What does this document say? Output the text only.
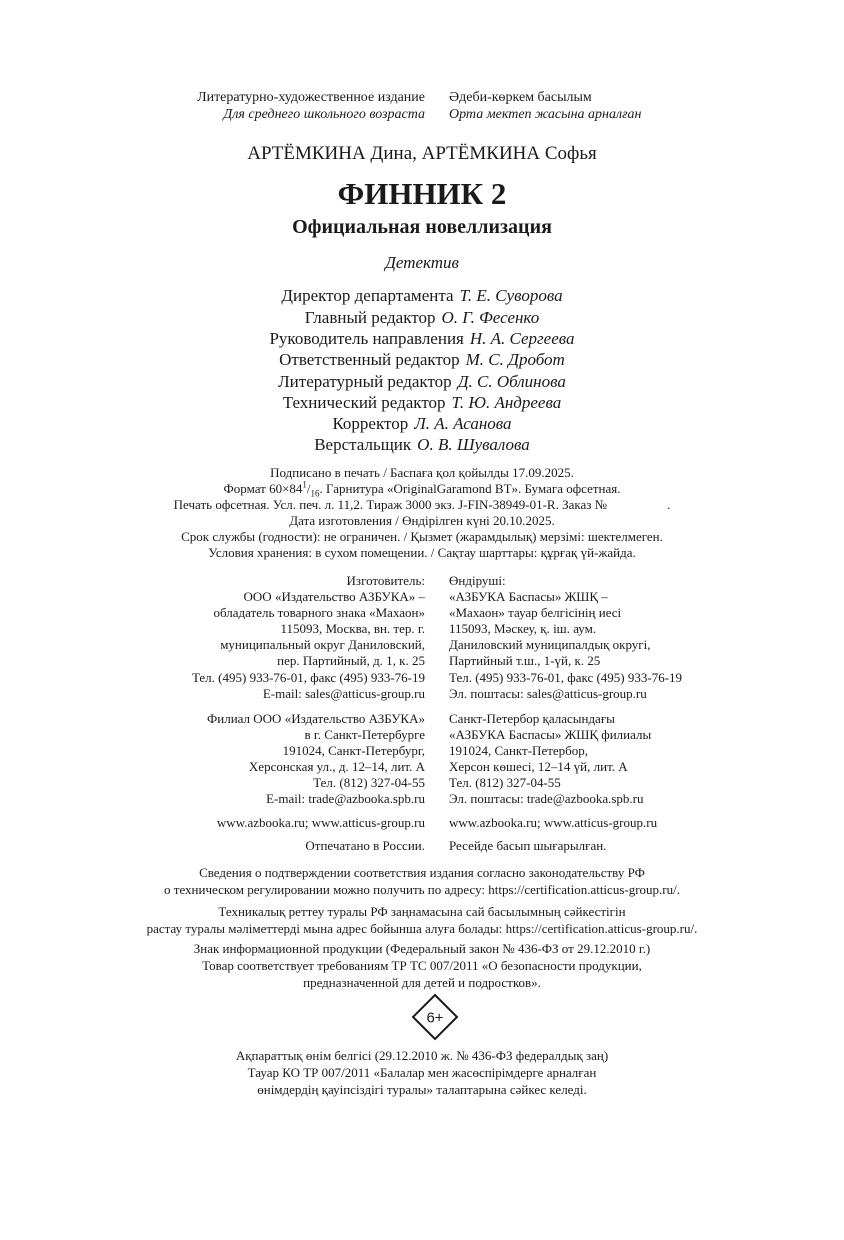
Литературно-художественное издание Әдеби-көркем басылым
Для среднего школьного возраста Орта мектеп жасына арналған
АРТЁМКИНА Дина, АРТЁМКИНА Софья
ФИННИК 2
Официальная новеллизация
Детектив
Директор департамента Т. Е. Суворова
Главный редактор О. Г. Фесенко
Руководитель направления Н. А. Сергеева
Ответственный редактор М. С. Дробот
Литературный редактор Д. С. Облинова
Технический редактор Т. Ю. Андреева
Корректор Л. А. Асанова
Верстальщик О. В. Шувалова
Подписано в печать / Баспаға қол қойылды 17.09.2025.
Формат $60\times 84^1/_{16}$. Гарнитура «OriginalGaramond BT». Бумага офсетная.
Печать офсетная. Усл. печ. л. 11,2. Тираж 3000 экз. J-FIN-38949-01-R. Заказ №	.
Дата изготовления / Өндірілген күні 20.10.2025.
Срок службы (годности): не ограничен. / Қызмет (жарамдылық) мерзімі: шектелмеген.
Условия хранения: в сухом помещении. / Сақтау шарттары: құрғақ үй-жайда.
Изготовитель:
ООО «Издательство АЗБУКА» –
обладатель товарного знака «Махаон»
115093, Москва, вн. тер. г.
муниципальный округ Даниловский,
пер. Партийный, д. 1, к. 25
Тел. (495) 933-76-01, факс (495) 933-76-19
E-mail: sales@atticus-group.ru
Өндіруші:
«АЗБУКА Баспасы» ЖШҚ –
«Махаон» тауар белгісінің иесі
115093, Мәскеу, қ. іш. аум.
Даниловский муниципалдық округі,
Партийный т.ш., 1-үй, к. 25
Тел. (495) 933-76-01, факс (495) 933-76-19
Эл. поштасы: sales@atticus-group.ru
Филиал ООО «Издательство АЗБУКА»
в г. Санкт-Петербурге
191024, Санкт-Петербург,
Херсонская ул., д. 12–14, лит. А
Тел. (812) 327-04-55
E-mail: trade@azbooka.spb.ru
Санкт-Петербор қаласындағы
«АЗБУКА Баспасы» ЖШҚ филиалы
191024, Санкт-Петербор,
Херсон көшесі, 12–14 үй, лит. А
Тел. (812) 327-04-55
Эл. поштасы: trade@azbooka.spb.ru
www.azbooka.ru; www.atticus-group.ru www.azbooka.ru; www.atticus-group.ru
Отпечатано в России. Ресейде басып шығарылған.
Сведения о подтверждении соответствия издания согласно законодательству РФ
о техническом регулировании можно получить по адресу: https://certification.atticus-group.ru/.
Техникалық реттеу туралы РФ заңнамасына сай басылымның сәйкестігін
растау туралы мәліметтерді мына адрес бойынша алуға болады: https://certification.atticus-group.ru/.
Знак информационной продукции (Федеральный закон № 436-ФЗ от 29.12.2010 г.)
Товар соответствует требованиям ТР ТС 007/2011 «О безопасности продукции,
предназначенной для детей и подростков».
6+
Ақпараттық өнім белгісі (29.12.2010 ж. № 436-ФЗ федералдық заң)
Тауар КО ТР 007/2011 «Балалар мен жасөспірімдерге арналған
өнімдердің қауіпсіздігі туралы» талаптарына сәйкес келеді.
